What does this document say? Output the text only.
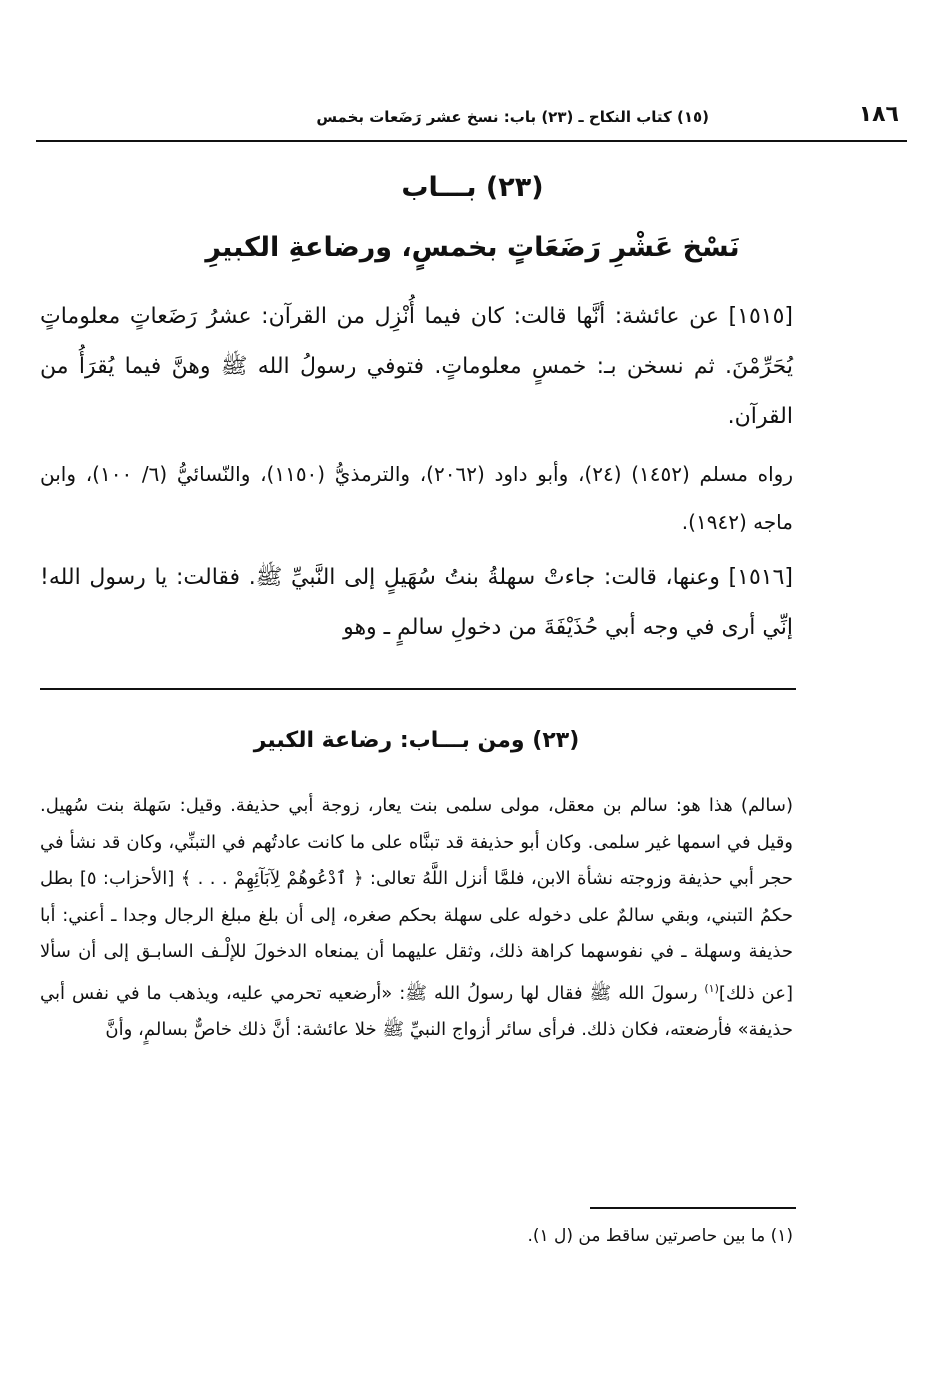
١٨٦
(١٥) كتاب النكاح ـ (٢٣) باب: نسخ عشر رَضَعات بخمس
(٢٣) بـــاب
نَسْخ عَشْرِ رَضَعَاتٍ بخمسٍ، ورضاعةِ الكبيرِ
[١٥١٥] عن عائشة: أنَّها قالت: كان فيما أُنْزِل من القرآن: عشرُ رَضَعاتٍ معلوماتٍ يُحَرِّمْنَ. ثم نسخن بـ: خمسٍ معلوماتٍ. فتوفي رسولُ الله ﷺ وهنَّ فيما يُقرَأُ من القرآن.
رواه مسلم (١٤٥٢) (٢٤)، وأبو داود (٢٠٦٢)، والترمذيُّ (١١٥٠)، والنّسائيُّ (٦/ ١٠٠)، وابن ماجه (١٩٤٢).
[١٥١٦] وعنها، قالت: جاءتْ سهلةُ بنتُ سُهَيلٍ إلى النَّبيِّ ﷺ. فقالت: يا رسول الله! إنِّي أرى في وجه أبي حُذَيْفَةَ من دخولِ سالمٍ ـ وهو
(٢٣) ومن بـــاب: رضاعة الكبير
(سالم) هذا هو: سالم بن معقل، مولى سلمى بنت يعار، زوجة أبي حذيفة. وقيل: سَهلة بنت سُهيل. وقيل في اسمها غير سلمى. وكان أبو حذيفة قد تبنَّاه على ما كانت عادتُهم في التبنِّي، وكان قد نشأ في حجر أبي حذيفة وزوجته نشأة الابن، فلمَّا أنزل اللَّهُ تعالى: ﴿ ٱدْعُوهُمْ لِآبَآئِهِمْ . . . ﴾ [الأحزاب: ٥] بطل حكمُ التبني، وبقي سالمٌ على دخوله على سهلة بحكم صغره، إلى أن بلغ مبلغ الرجال وجدا ـ أعني: أبا حذيفة وسهلة ـ في نفوسهما كراهة ذلك، وثقل عليهما أن يمنعاه الدخولَ للإلْـف السابـق إلى أن سألا [عن ذلك]$^{(١)}$ رسولَ الله ﷺ فقال لها رسولُ الله ﷺ: «أرضعيه تحرمي عليه، ويذهب ما في نفس أبي حذيفة» فأرضعته، فكان ذلك. فرأى سائر أزواج النبيِّ ﷺ خلا عائشة: أنَّ ذلك خاصٌّ بسالمٍ، وأنَّ
(١) ما بين حاصرتين ساقط من (ل ١).
